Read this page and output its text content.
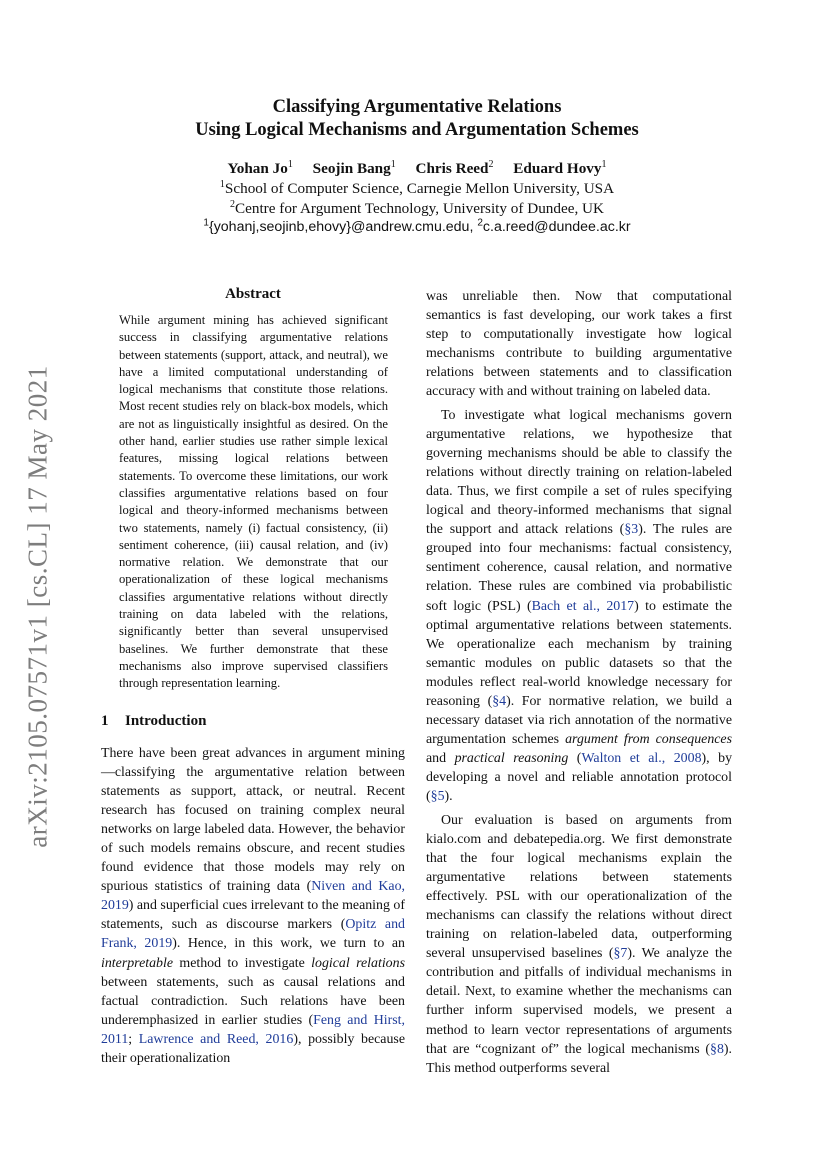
arXiv:2105.07571v1 [cs.CL] 17 May 2021
Classifying Argumentative Relations
Using Logical Mechanisms and Argumentation Schemes
Yohan Jo$^1$ Seojin Bang$^1$ Chris Reed$^2$ Eduard Hovy$^1$
$^1$School of Computer Science, Carnegie Mellon University, USA
$^2$Centre for Argument Technology, University of Dundee, UK
$^1${yohanj,seojinb,ehovy}@andrew.cmu.edu, $^2$c.a.reed@dundee.ac.kr
Abstract

While argument mining has achieved significant success in classifying argumentative relations between statements (support, attack, and neutral), we have a limited computational understanding of logical mechanisms that constitute those relations. Most recent studies rely on black-box models, which are not as linguistically insightful as desired. On the other hand, earlier studies use rather simple lexical features, missing logical relations between statements. To overcome these limitations, our work classifies argumentative relations based on four logical and theory-informed mechanisms between two statements, namely (i) factual consistency, (ii) sentiment coherence, (iii) causal relation, and (iv) normative relation. We demonstrate that our operationalization of these logical mechanisms classifies argumentative relations without directly training on data labeled with the relations, significantly better than several unsupervised baselines. We further demonstrate that these mechanisms also improve supervised classifiers through representation learning.

1 Introduction

There have been great advances in argument mining—classifying the argumentative relation between statements as support, attack, or neutral. Recent research has focused on training complex neural networks on large labeled data. However, the behavior of such models remains obscure, and recent studies found evidence that those models may rely on spurious statistics of training data (Niven and Kao, 2019) and superficial cues irrelevant to the meaning of statements, such as discourse markers (Opitz and Frank, 2019). Hence, in this work, we turn to an interpretable method to investigate logical relations between statements, such as causal relations and factual contradiction. Such relations have been underemphasized in earlier studies (Feng and Hirst, 2011; Lawrence and Reed, 2016), possibly because their operationalization

was unreliable then. Now that computational semantics is fast developing, our work takes a first step to computationally investigate how logical mechanisms contribute to building argumentative relations between statements and to classification accuracy with and without training on labeled data.

To investigate what logical mechanisms govern argumentative relations, we hypothesize that governing mechanisms should be able to classify the relations without directly training on relation-labeled data. Thus, we first compile a set of rules specifying logical and theory-informed mechanisms that signal the support and attack relations (§3). The rules are grouped into four mechanisms: factual consistency, sentiment coherence, causal relation, and normative relation. These rules are combined via probabilistic soft logic (PSL) (Bach et al., 2017) to estimate the optimal argumentative relations between statements. We operationalize each mechanism by training semantic modules on public datasets so that the modules reflect real-world knowledge necessary for reasoning (§4). For normative relation, we build a necessary dataset via rich annotation of the normative argumentation schemes argument from consequences and practical reasoning (Walton et al., 2008), by developing a novel and reliable annotation protocol (§5).

Our evaluation is based on arguments from kialo.com and debatepedia.org. We first demonstrate that the four logical mechanisms explain the argumentative relations between statements effectively. PSL with our operationalization of the mechanisms can classify the relations without direct training on relation-labeled data, outperforming several unsupervised baselines (§7). We analyze the contribution and pitfalls of individual mechanisms in detail. Next, to examine whether the mechanisms can further inform supervised models, we present a method to learn vector representations of arguments that are “cognizant of” the logical mechanisms (§8). This method outperforms several
